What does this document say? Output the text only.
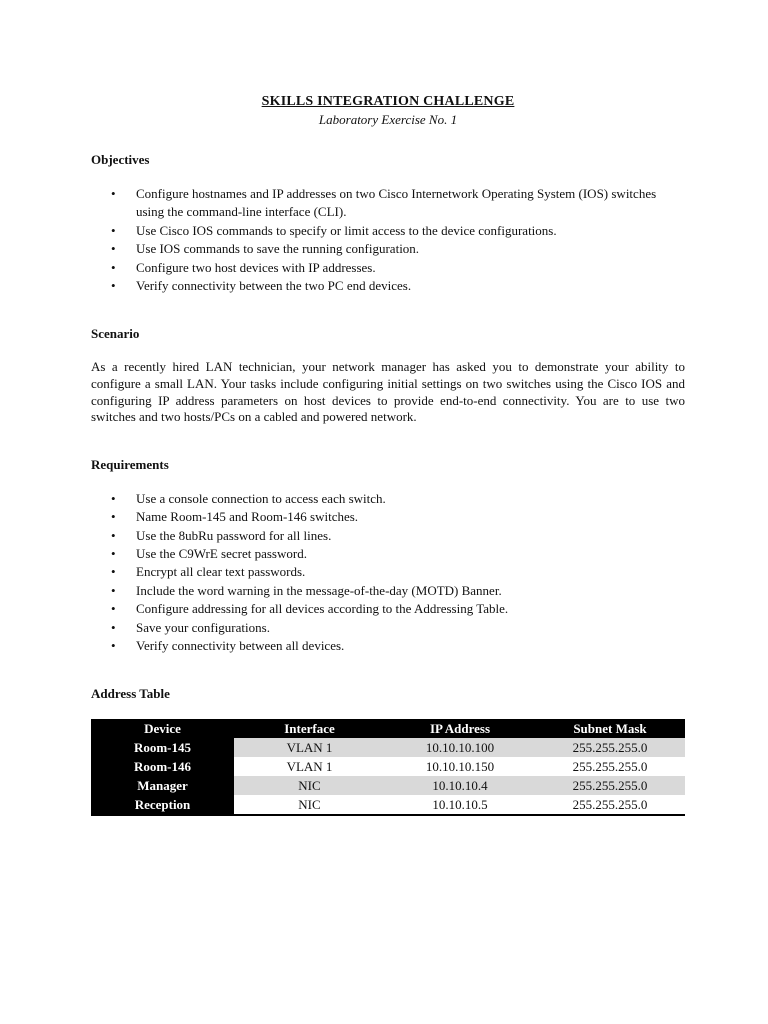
SKILLS INTEGRATION CHALLENGE

Laboratory Exercise No. 1

Objectives

• Configure hostnames and IP addresses on two Cisco Internetwork Operating System (IOS) switches using the command-line interface (CLI).
• Use Cisco IOS commands to specify or limit access to the device configurations.
• Use IOS commands to save the running configuration.
• Configure two host devices with IP addresses.
• Verify connectivity between the two PC end devices.

Scenario

As a recently hired LAN technician, your network manager has asked you to demonstrate your ability to configure a small LAN. Your tasks include configuring initial settings on two switches using the Cisco IOS and configuring IP address parameters on host devices to provide end-to-end connectivity. You are to use two switches and two hosts/PCs on a cabled and powered network.

Requirements

• Use a console connection to access each switch.
• Name Room-145 and Room-146 switches.
• Use the 8ubRu password for all lines.
• Use the C9WrE secret password.
• Encrypt all clear text passwords.
• Include the word warning in the message-of-the-day (MOTD) Banner.
• Configure addressing for all devices according to the Addressing Table.
• Save your configurations.
• Verify connectivity between all devices.

Address Table

Device	Interface	IP Address	Subnet Mask
Room-145	VLAN 1	10.10.10.100	255.255.255.0
Room-146	VLAN 1	10.10.10.150	255.255.255.0
Manager	NIC	10.10.10.4	255.255.255.0
Reception	NIC	10.10.10.5	255.255.255.0
